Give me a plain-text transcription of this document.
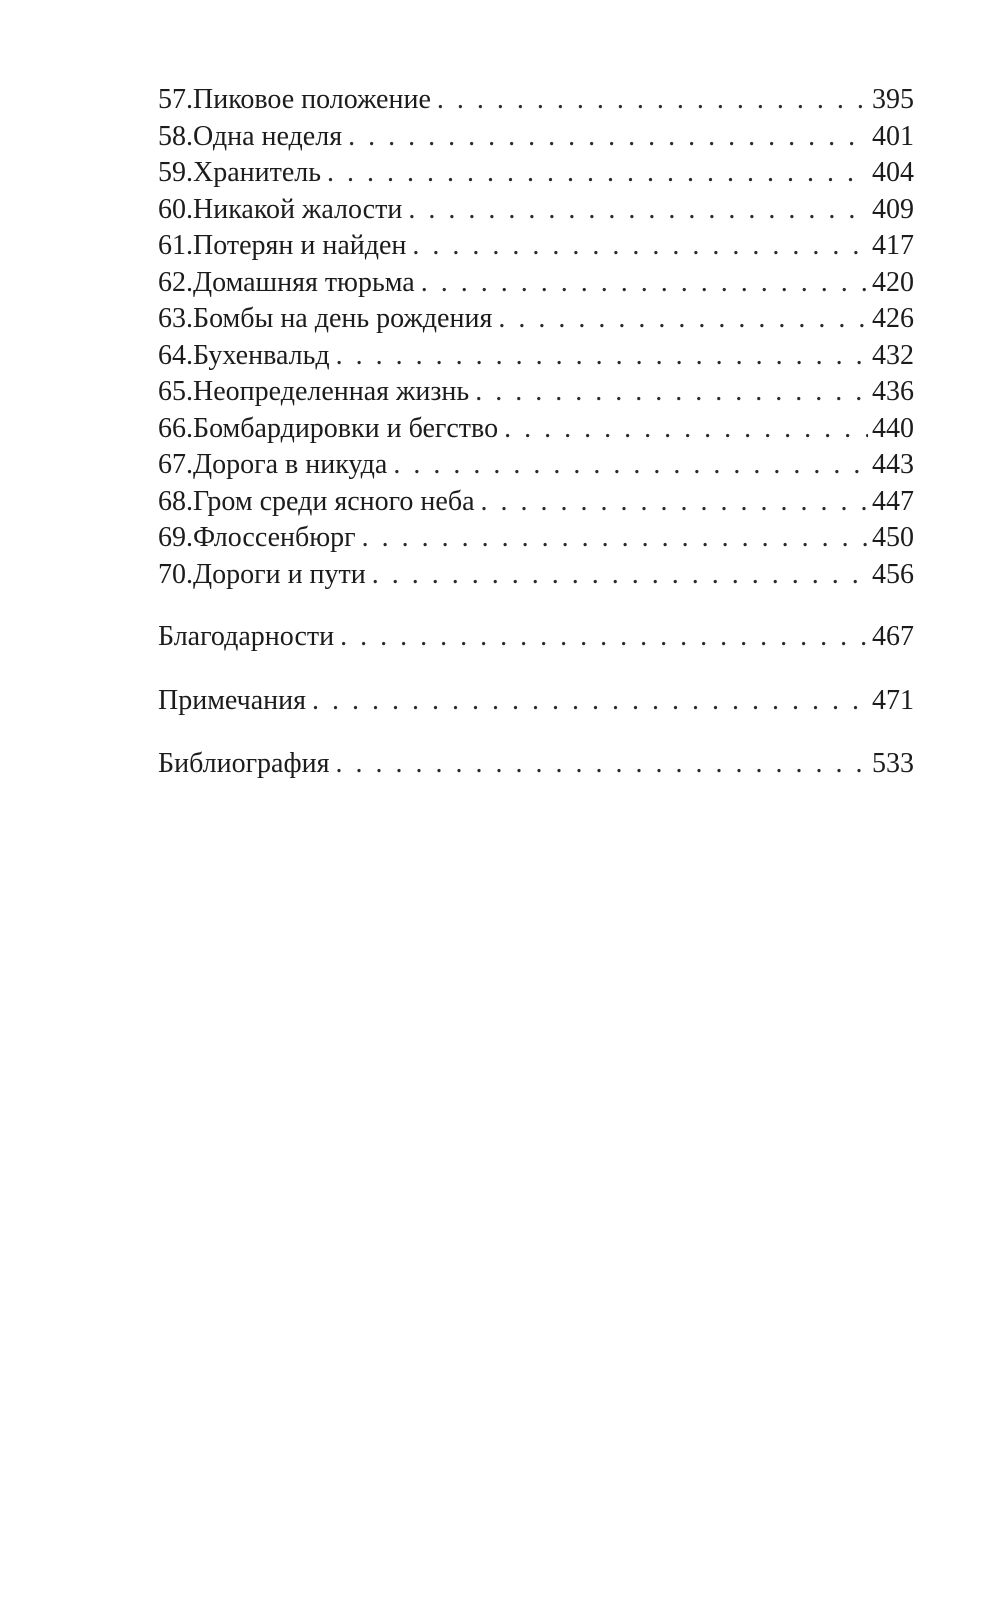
57. Пиковое положение . . .	395
58. Одна неделя . . .	401
59. Хранитель . . .	404
60. Никакой жалости . . .	409
61. Потерян и найден . . .	417
62. Домашняя тюрьма . . .	420
63. Бомбы на день рождения . . .	426
64. Бухенвальд . . .	432
65. Неопределенная жизнь . . .	436
66. Бомбардировки и бегство . . .	440
67. Дорога в никуда . . .	443
68. Гром среди ясного неба . . .	447
69. Флоссенбюрг . . .	450
70. Дороги и пути . . .	456
Благодарности . . .	467
Примечания . . .	471
Библиография . . .	533
